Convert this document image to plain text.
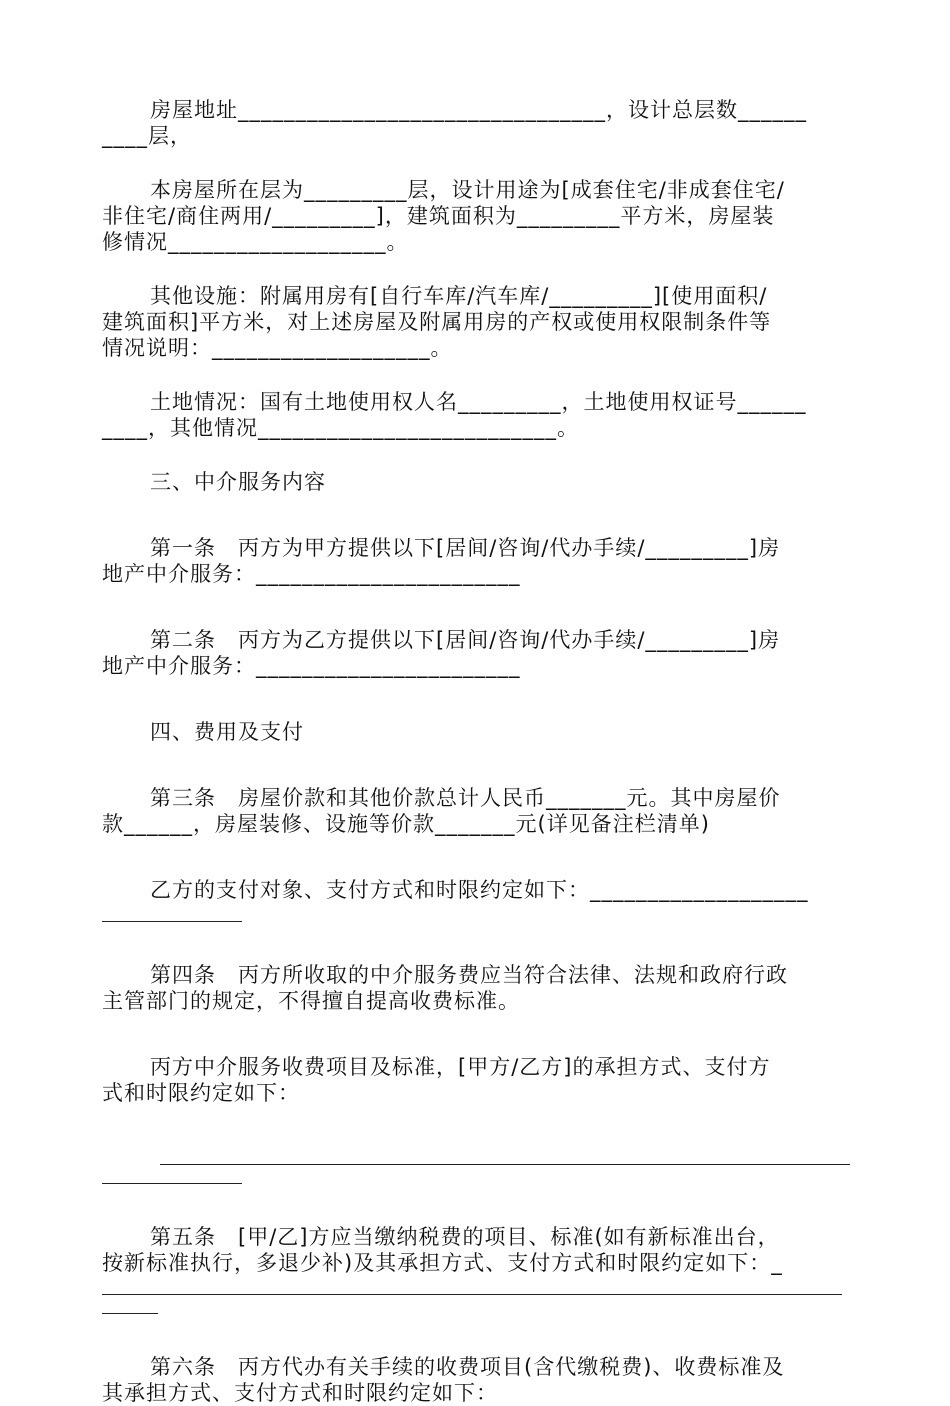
房屋地址________________________________，设计总层数______
____层，
本房屋所在层为_________层，设计用途为[成套住宅/非成套住宅/
非住宅/商住两用/_________]，建筑面积为_________平方米，房屋装
修情况___________________。
其他设施：附属用房有[自行车库/汽车库/_________][使用面积/
建筑面积]平方米，对上述房屋及附属用房的产权或使用权限制条件等
情况说明：___________________。
土地情况：国有土地使用权人名_________，土地使用权证号______
____，其他情况__________________________。
三、中介服务内容
第一条　丙方为甲方提供以下[居间/咨询/代办手续/_________]房
地产中介服务：_______________________
第二条　丙方为乙方提供以下[居间/咨询/代办手续/_________]房
地产中介服务：_______________________
四、费用及支付
第三条　房屋价款和其他价款总计人民币_______元。其中房屋价
款______，房屋装修、设施等价款_______元(详见备注栏清单)
乙方的支付对象、支付方式和时限约定如下：___________________
第四条　丙方所收取的中介服务费应当符合法律、法规和政府行政
主管部门的规定，不得擅自提高收费标准。
丙方中介服务收费项目及标准，[甲方/乙方]的承担方式、支付方
式和时限约定如下：
第五条　[甲/乙]方应当缴纳税费的项目、标准(如有新标准出台，
按新标准执行，多退少补)及其承担方式、支付方式和时限约定如下：_
第六条　丙方代办有关手续的收费项目(含代缴税费)、收费标准及
其承担方式、支付方式和时限约定如下：
